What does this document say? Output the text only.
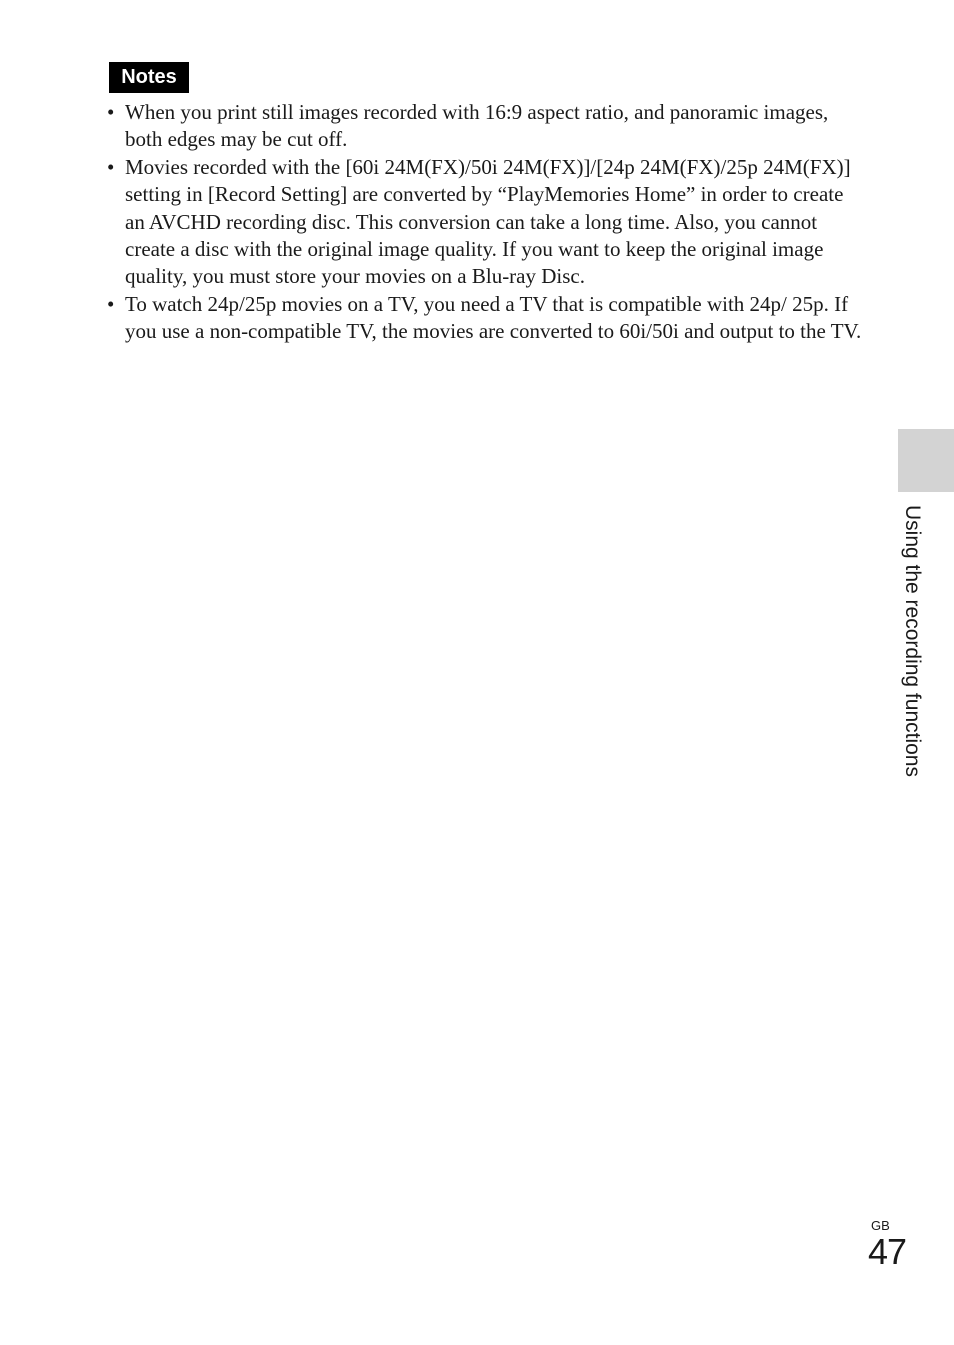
Notes
• When you print still images recorded with 16:9 aspect ratio, and panoramic images, both edges may be cut off.
• Movies recorded with the [60i 24M(FX)/50i 24M(FX)]/[24p 24M(FX)/25p 24M(FX)] setting in [Record Setting] are converted by “PlayMemories Home” in order to create an AVCHD recording disc. This conversion can take a long time. Also, you cannot create a disc with the original image quality. If you want to keep the original image quality, you must store your movies on a Blu-ray Disc.
• To watch 24p/25p movies on a TV, you need a TV that is compatible with 24p/ 25p. If you use a non-compatible TV, the movies are converted to 60i/50i and output to the TV.
Using the recording functions
GB
47
